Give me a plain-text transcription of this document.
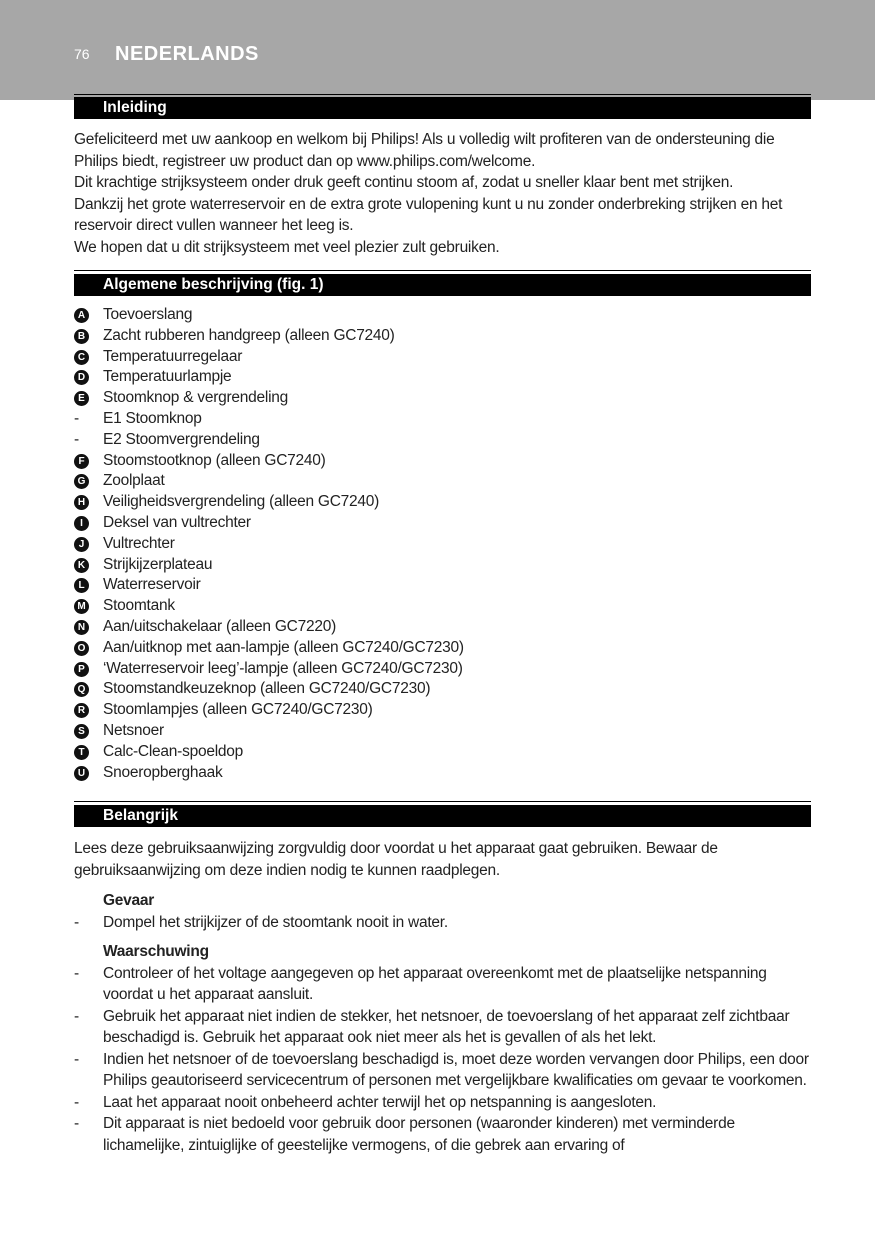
76 NEDERLANDS
Inleiding

Gefeliciteerd met uw aankoop en welkom bij Philips! Als u volledig wilt profiteren van de ondersteuning die Philips biedt, registreer uw product dan op www.philips.com/welcome.

Dit krachtige strijksysteem onder druk geeft continu stoom af, zodat u sneller klaar bent met strijken.

Dankzij het grote waterreservoir en de extra grote vulopening kunt u nu zonder onderbreking strijken en het reservoir direct vullen wanneer het leeg is.

We hopen dat u dit strijksysteem met veel plezier zult gebruiken.

Algemene beschrijving (fig. 1)
A Toevoerslang
B Zacht rubberen handgreep (alleen GC7240)
C Temperatuurregelaar
D Temperatuurlampje
E Stoomknop & vergrendeling
- E1 Stoomknop
- E2 Stoomvergrendeling
F Stoomstootknop (alleen GC7240)
G Zoolplaat
H Veiligheidsvergrendeling (alleen GC7240)
I	Deksel van vultrechter
J	Vultrechter
K Strijkijzerplateau
L Waterreservoir
M Stoomtank
N Aan/uitschakelaar (alleen GC7220)
O Aan/uitknop met aan-lampje (alleen GC7240/GC7230)
P ‘Waterreservoir leeg’-lampje (alleen GC7240/GC7230)
Q Stoomstandkeuzeknop (alleen GC7240/GC7230)
R Stoomlampjes (alleen GC7240/GC7230)
S Netsnoer
T Calc-Clean-spoeldop
U Snoeropberghaak
Belangrijk
Lees deze gebruiksaanwijzing zorgvuldig door voordat u het apparaat gaat gebruiken. Bewaar de gebruiksaanwijzing om deze indien nodig te kunnen raadplegen.
Gevaar
- Dompel het strijkijzer of de stoomtank nooit in water.
Waarschuwing
- Controleer of het voltage aangegeven op het apparaat overeenkomt met de plaatselijke netspanning voordat u het apparaat aansluit.
- Gebruik het apparaat niet indien de stekker, het netsnoer, de toevoerslang of het apparaat zelf zichtbaar beschadigd is. Gebruik het apparaat ook niet meer als het is gevallen of als het lekt.
- Indien het netsnoer of de toevoerslang beschadigd is, moet deze worden vervangen door Philips, een door Philips geautoriseerd servicecentrum of personen met vergelijkbare kwalificaties om gevaar te voorkomen.
- Laat het apparaat nooit onbeheerd achter terwijl het op netspanning is aangesloten.
- Dit apparaat is niet bedoeld voor gebruik door personen (waaronder kinderen) met verminderde lichamelijke, zintuiglijke of geestelijke vermogens, of die gebrek aan ervaring of
